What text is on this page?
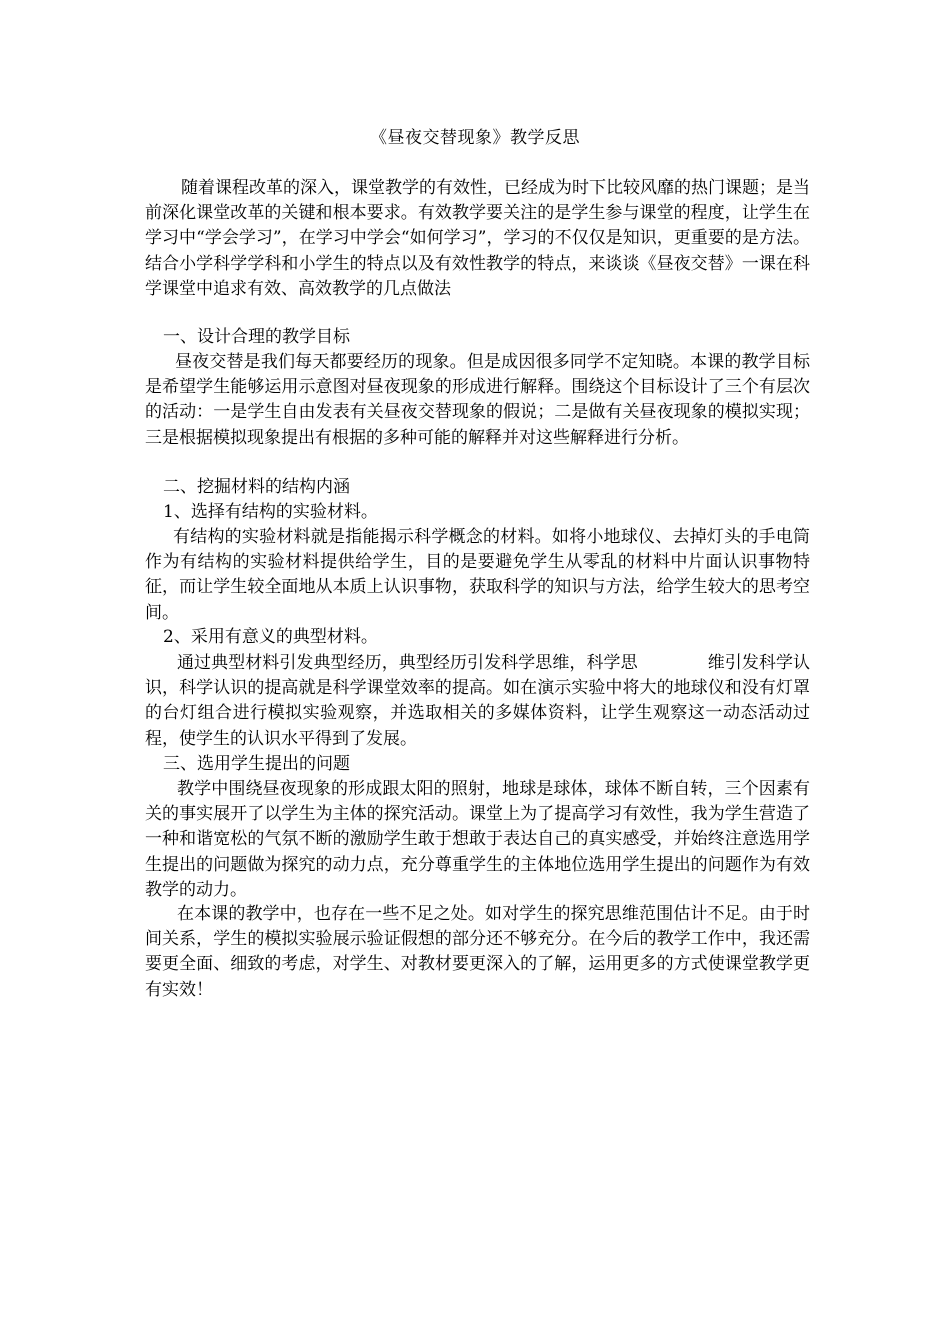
《昼夜交替现象》教学反思
随着课程改革的深入，课堂教学的有效性，已经成为时下比较风靡的热门课题；是当前深化课堂改革的关键和根本要求。有效教学要关注的是学生参与课堂的程度，让学生在学习中“学会学习”，在学习中学会“如何学习”，学习的不仅仅是知识，更重要的是方法。结合小学科学学科和小学生的特点以及有效性教学的特点，来谈谈《昼夜交替》一课在科学课堂中追求有效、高效教学的几点做法
一、设计合理的教学目标
昼夜交替是我们每天都要经历的现象。但是成因很多同学不定知晓。本课的教学目标是希望学生能够运用示意图对昼夜现象的形成进行解释。围绕这个目标设计了三个有层次的活动：一是学生自由发表有关昼夜交替现象的假说；二是做有关昼夜现象的模拟实现；三是根据模拟现象提出有根据的多种可能的解释并对这些解释进行分析。
二、挖掘材料的结构内涵
1、选择有结构的实验材料。
有结构的实验材料就是指能揭示科学概念的材料。如将小地球仪、去掉灯头的手电筒作为有结构的实验材料提供给学生，目的是要避免学生从零乱的材料中片面认识事物特征，而让学生较全面地从本质上认识事物，获取科学的知识与方法，给学生较大的思考空间。
2、采用有意义的典型材料。
通过典型材料引发典型经历，典型经历引发科学思维，科学思	维引发科学认识，科学认识的提高就是科学课堂效率的提高。如在演示实验中将大的地球仪和没有灯罩的台灯组合进行模拟实验观察，并选取相关的多媒体资料，让学生观察这一动态活动过程，使学生的认识水平得到了发展。
三、选用学生提出的问题
教学中围绕昼夜现象的形成跟太阳的照射，地球是球体，球体不断自转，三个因素有关的事实展开了以学生为主体的探究活动。课堂上为了提高学习有效性，我为学生营造了一种和谐宽松的气氛不断的激励学生敢于想敢于表达自己的真实感受，并始终注意选用学生提出的问题做为探究的动力点，充分尊重学生的主体地位选用学生提出的问题作为有效教学的动力。
在本课的教学中，也存在一些不足之处。如对学生的探究思维范围估计不足。由于时间关系，学生的模拟实验展示验证假想的部分还不够充分。在今后的教学工作中，我还需要更全面、细致的考虑，对学生、对教材要更深入的了解，运用更多的方式使课堂教学更有实效！
